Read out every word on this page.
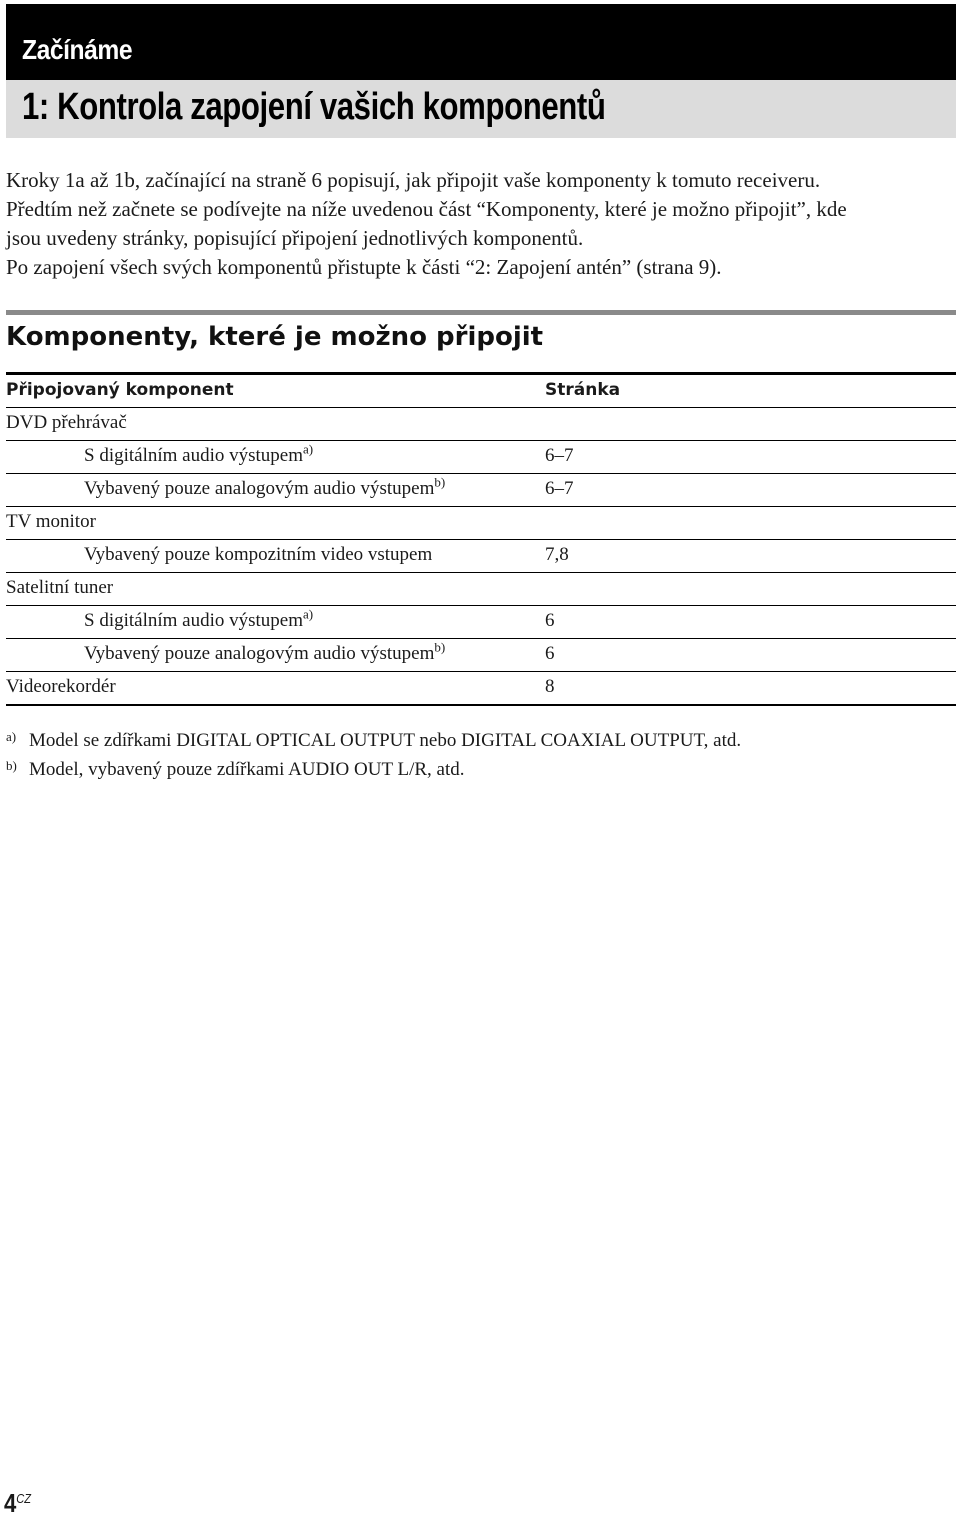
Začínáme
1: Kontrola zapojení vašich komponentů

Kroky 1a až 1b, začínající na straně 6 popisují, jak připojit vaše komponenty k tomuto receiveru.

Předtím než začnete se podívejte na níže uvedenou část “Komponenty, které je možno připojit”, kde

jsou uvedeny stránky, popisující připojení jednotlivých komponentů.

Po zapojení všech svých komponentů přistupte k části “2: Zapojení antén” (strana 9).

Komponenty, které je možno připojit
Připojovaný komponent	Stránka
DVD přehrávač
S digitálním audio výstupem$^{a)}$	6–7
Vybavený pouze analogovým audio výstupem$^{b)}$	6–7
TV monitor
Vybavený pouze kompozitním video vstupem	7,8
Satelitní tuner
S digitálním audio výstupem$^{a)}$	6
Vybavený pouze analogovým audio výstupem$^{b)}$	6
Videorekordér	8
a) Model se zdířkami DIGITAL OPTICAL OUTPUT nebo DIGITAL COAXIAL OUTPUT, atd.
b) Model, vybavený pouze zdířkami AUDIO OUT L/R, atd.
$4^{CZ}$
